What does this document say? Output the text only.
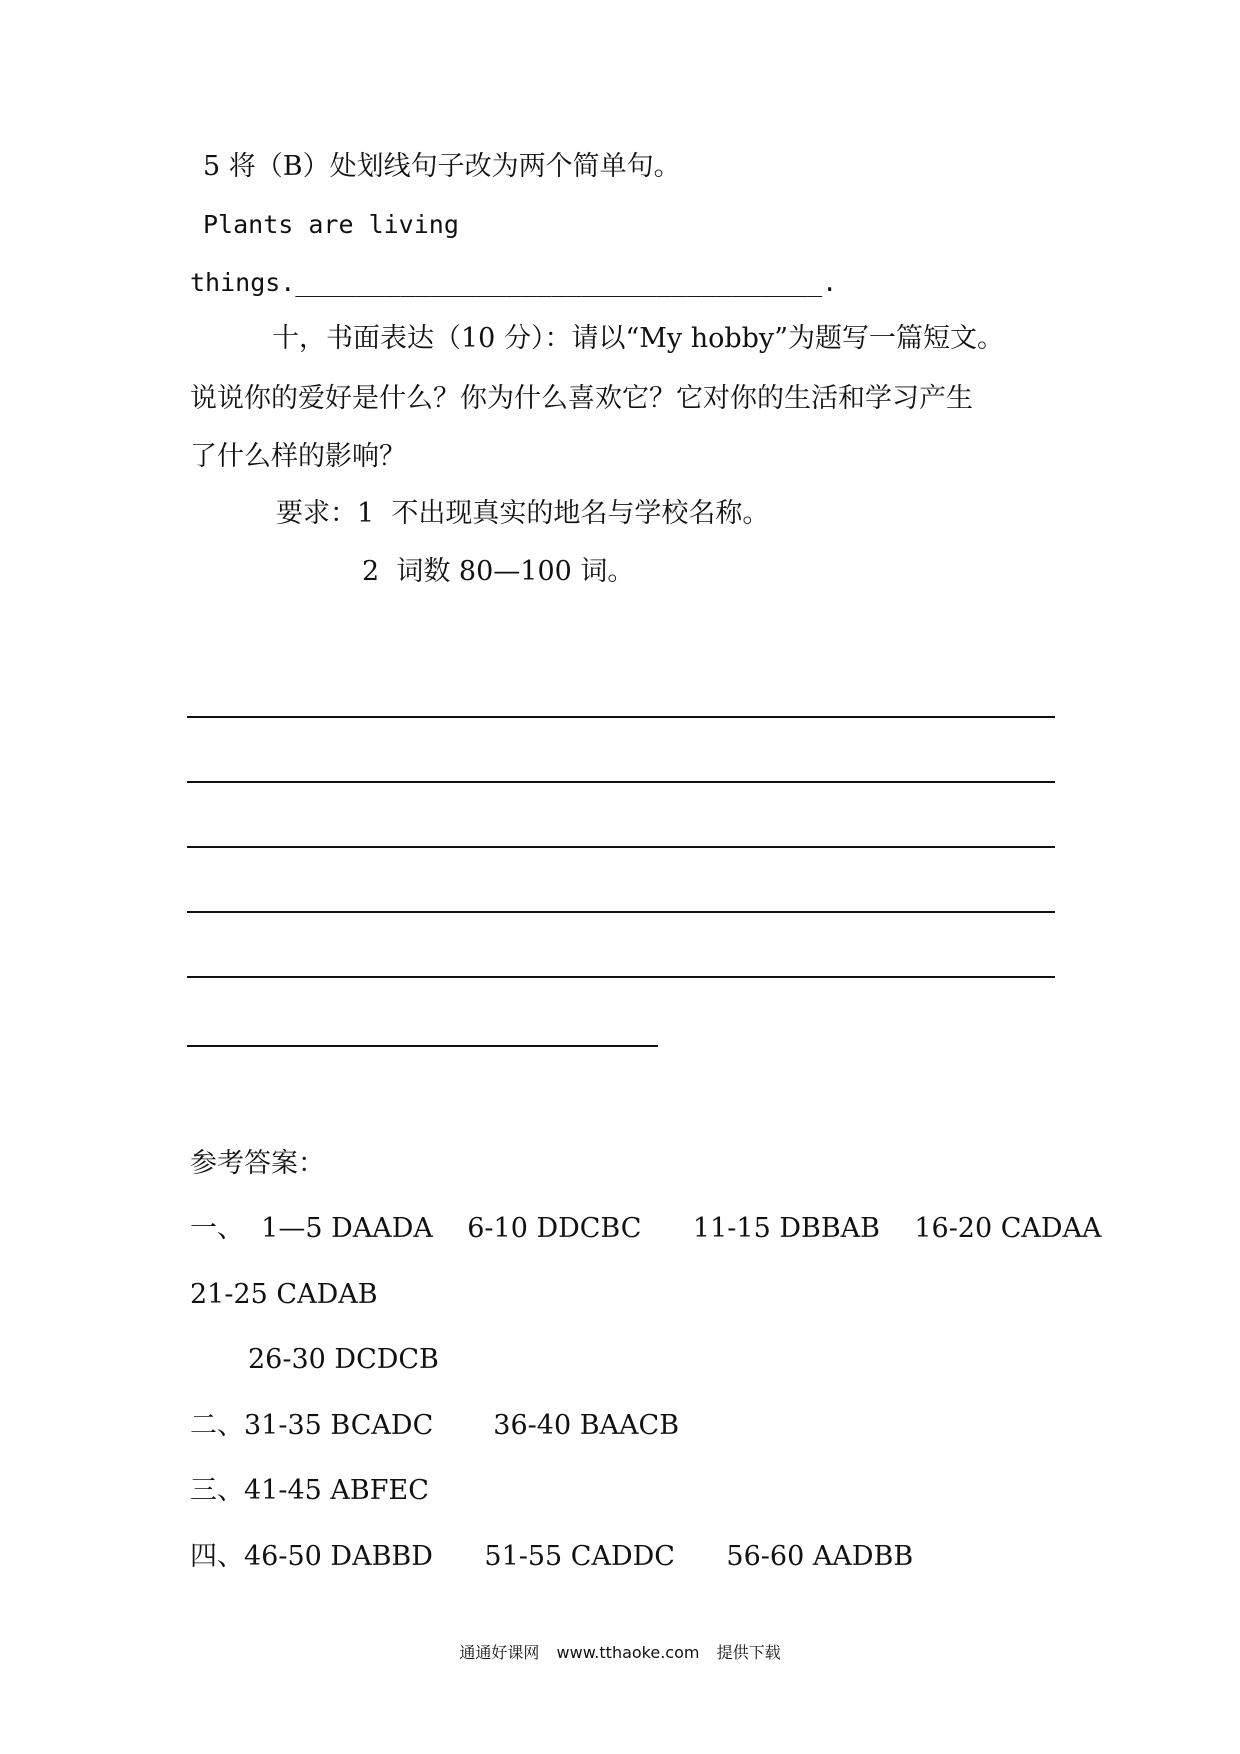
5 将（B）处划线句子改为两个简单句。
Plants are living
things.___________________________________.
十，书面表达（10 分）：请以“My hobby”为题写一篇短文。
说说你的爱好是什么？你为什么喜欢它？它对你的生活和学习产生
了什么样的影响？
要求：1  不出现真实的地名与学校名称。
2  词数 80—100 词。
参考答案：
一、  1—5 DAADA    6-10 DDCBC      11-15 DBBAB    16-20 CADAA
21-25 CADAB
26-30 DCDCB
二、31-35 BCADC       36-40 BAACB
三、41-45 ABFEC
四、46-50 DABBD      51-55 CADDC      56-60 AADBB
通通好课网 www.tthaoke.com 提供下载
